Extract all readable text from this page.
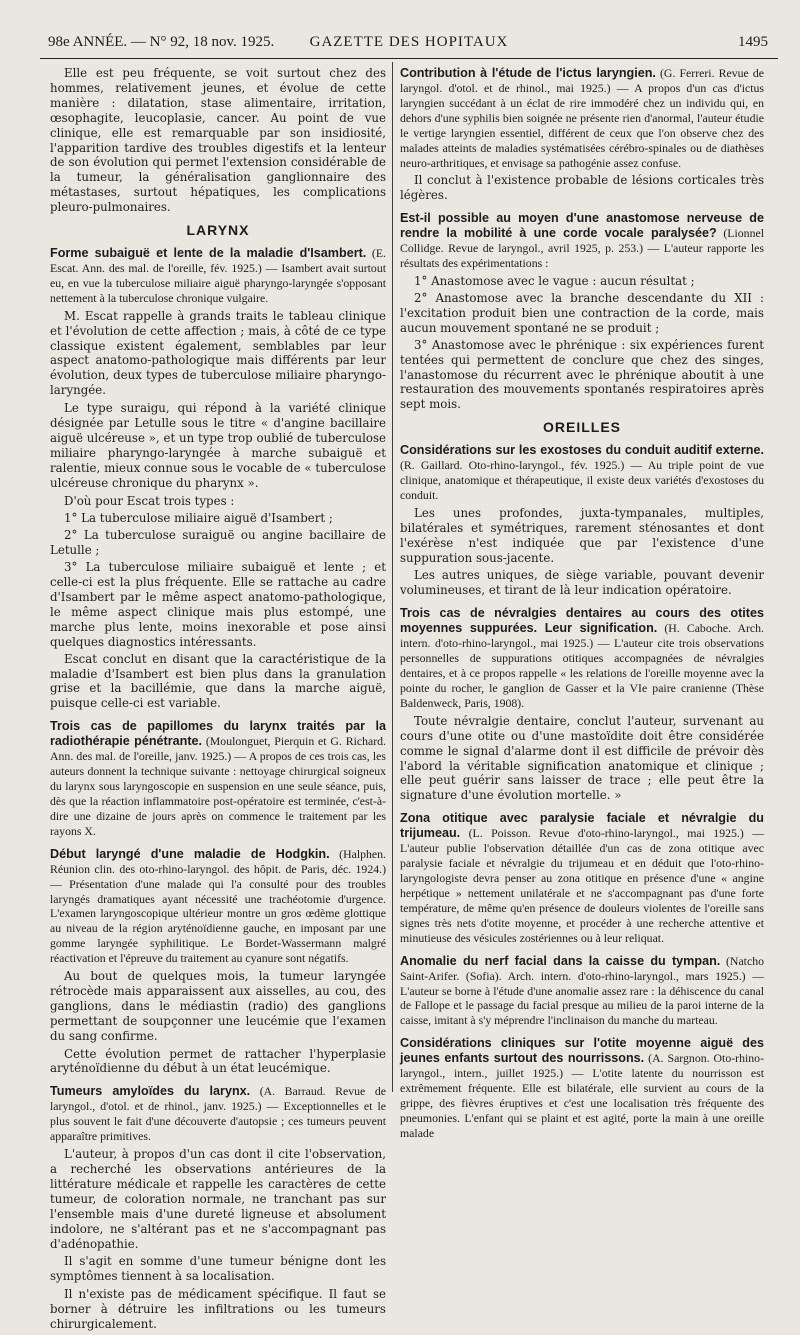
98e ANNÉE. — N° 92, 18 nov. 1925.	GAZETTE DES HOPITAUX	1495

Elle est peu fréquente, se voit surtout chez des hommes, relativement jeunes, et évolue de cette manière : dilatation, stase alimentaire, irritation, œsophagite, leucoplasie, cancer. Au point de vue clinique, elle est remarquable par son insidiosité, l'apparition tardive des troubles digestifs et la lenteur de son évolution qui permet l'extension considérable de la tumeur, la généralisation ganglionnaire des métastases, surtout hépatiques, les complications pleuro-pulmonaires.

LARYNX

Forme subaiguë et lente de la maladie d'Isambert. (E. Escat. Ann. des mal. de l'oreille, fév. 1925.) — Isambert avait surtout eu, en vue la tuberculose miliaire aiguë pharyngo-laryngée s'opposant nettement à la tuberculose chronique vulgaire.

M. Escat rappelle à grands traits le tableau clinique et l'évolution de cette affection ; mais, à côté de ce type classique existent également, semblables par leur aspect anatomo-pathologique mais différents par leur évolution, deux types de tuberculose miliaire pharyngo-laryngée.

Le type suraigu, qui répond à la variété clinique désignée par Letulle sous le titre « d'angine bacillaire aiguë ulcéreuse », et un type trop oublié de tuberculose miliaire pharyngo-laryngée à marche subaiguë et ralentie, mieux connue sous le vocable de « tuberculose ulcéreuse chronique du pharynx ».

D'où pour Escat trois types :

1° La tuberculose miliaire aiguë d'Isambert ;

2° La tuberculose suraiguë ou angine bacillaire de Letulle ;

3° La tuberculose miliaire subaiguë et lente ; et celle-ci est la plus fréquente. Elle se rattache au cadre d'Isambert par le même aspect anatomo-pathologique, le même aspect clinique mais plus estompé, une marche plus lente, moins inexorable et pose ainsi quelques diagnostics intéressants.

Escat conclut en disant que la caractéristique de la maladie d'Isambert est bien plus dans la granulation grise et la bacillémie, que dans la marche aiguë, puisque celle-ci est variable.

Trois cas de papillomes du larynx traités par la radiothérapie pénétrante. (Moulonguet, Pierquin et G. Richard. Ann. des mal. de l'oreille, janv. 1925.) — A propos de ces trois cas, les auteurs donnent la technique suivante : nettoyage chirurgical soigneux du larynx sous laryngoscopie en suspension en une seule séance, puis, dès que la réaction inflammatoire post-opératoire est terminée, c'est-à-dire une dizaine de jours après on commence le traitement par les rayons X.

Début laryngé d'une maladie de Hodgkin. (Halphen. Réunion clin. des oto-rhino-laryngol. des hôpit. de Paris, déc. 1924.) — Présentation d'une malade qui l'a consulté pour des troubles laryngés dramatiques ayant nécessité une trachéotomie d'urgence. L'examen laryngoscopique ultérieur montre un gros œdème glottique au niveau de la région aryténoïdienne gauche, en imposant par une gomme laryngée syphilitique. Le Bordet-Wassermann malgré réactivation et l'épreuve du traitement au cyanure sont négatifs.

Au bout de quelques mois, la tumeur laryngée rétrocède mais apparaissent aux aisselles, au cou, des ganglions, dans le médiastin (radio) des ganglions permettant de soupçonner une leucémie que l'examen du sang confirme.

Cette évolution permet de rattacher l'hyperplasie aryténoïdienne du début à un état leucémique.

Tumeurs amyloïdes du larynx. (A. Barraud. Revue de laryngol., d'otol. et de rhinol., janv. 1925.) — Exceptionnelles et le plus souvent le fait d'une découverte d'autopsie ; ces tumeurs peuvent apparaître primitives.

L'auteur, à propos d'un cas dont il cite l'observation, a recherché les observations antérieures de la littérature médicale et rappelle les caractères de cette tumeur, de coloration normale, ne tranchant pas sur l'ensemble mais d'une dureté ligneuse et absolument indolore, ne s'altérant pas et ne s'accompagnant pas d'adénopathie.

Il s'agit en somme d'une tumeur bénigne dont les symptômes tiennent à sa localisation.

Il n'existe pas de médicament spécifique. Il faut se borner à détruire les infiltrations ou les tumeurs chirurgicalement.

Contribution à l'étude de l'ictus laryngien. (G. Ferreri. Revue de laryngol. d'otol. et de rhinol., mai 1925.) — A propos d'un cas d'ictus laryngien succédant à un éclat de rire immodéré chez un individu qui, en dehors d'une syphilis bien soignée ne présente rien d'anormal, l'auteur étudie le vertige laryngien essentiel, différent de ceux que l'on observe chez des malades atteints de maladies systématisées cérébro-spinales ou de diathèses neuro-arthritiques, et envisage sa pathogénie assez confuse.

Il conclut à l'existence probable de lésions corticales très légères.

Est-il possible au moyen d'une anastomose nerveuse de rendre la mobilité à une corde vocale paralysée? (Lionnel Collidge. Revue de laryngol., avril 1925, p. 253.) — L'auteur rapporte les résultats des expérimentations :

1° Anastomose avec le vague : aucun résultat ;

2° Anastomose avec la branche descendante du XII : l'excitation produit bien une contraction de la corde, mais aucun mouvement spontané ne se produit ;

3° Anastomose avec le phrénique : six expériences furent tentées qui permettent de conclure que chez des singes, l'anastomose du récurrent avec le phrénique aboutit à une restauration des mouvements spontanés respiratoires après sept mois.

OREILLES

Considérations sur les exostoses du conduit auditif externe. (R. Gaillard. Oto-rhino-laryngol., fév. 1925.) — Au triple point de vue clinique, anatomique et thérapeutique, il existe deux variétés d'exostoses du conduit.

Les unes profondes, juxta-tympanales, multiples, bilatérales et symétriques, rarement sténosantes et dont l'exérèse n'est indiquée que par l'existence d'une suppuration sous-jacente.

Les autres uniques, de siège variable, pouvant devenir volumineuses, et tirant de là leur indication opératoire.

Trois cas de névralgies dentaires au cours des otites moyennes suppurées. Leur signification. (H. Caboche. Arch. intern. d'oto-rhino-laryngol., mai 1925.) — L'auteur cite trois observations personnelles de suppurations otitiques accompagnées de névralgies dentaires, et à ce propos rappelle « les relations de l'oreille moyenne avec la pointe du rocher, le ganglion de Gasser et la VIe paire cranienne (Thèse Baldenweck, Paris, 1908).

Toute névralgie dentaire, conclut l'auteur, survenant au cours d'une otite ou d'une mastoïdite doit être considérée comme le signal d'alarme dont il est difficile de prévoir dès l'abord la véritable signification anatomique et clinique ; elle peut guérir sans laisser de trace ; elle peut être la signature d'une évolution mortelle. »

Zona otitique avec paralysie faciale et névralgie du trijumeau. (L. Poisson. Revue d'oto-rhino-laryngol., mai 1925.) — L'auteur publie l'observation détaillée d'un cas de zona otitique avec paralysie faciale et névralgie du trijumeau et en déduit que l'oto-rhino-laryngologiste devra penser au zona otitique en présence d'une « angine herpétique » nettement unilatérale et ne s'accompagnant pas d'une forte température, de même qu'en présence de douleurs violentes de l'oreille sans signes très nets d'otite moyenne, et procéder à une recherche attentive et minutieuse des vésicules zostériennes ou à leur reliquat.

Anomalie du nerf facial dans la caisse du tympan. (Natcho Saint-Arifer. (Sofia). Arch. intern. d'oto-rhino-laryngol., mars 1925.) — L'auteur se borne à l'étude d'une anomalie assez rare : la déhiscence du canal de Fallope et le passage du facial presque au milieu de la paroi interne de la caisse, imitant à s'y méprendre l'inclinaison du manche du marteau.

Considérations cliniques sur l'otite moyenne aiguë des jeunes enfants surtout des nourrissons. (A. Sargnon. Oto-rhino-laryngol., intern., juillet 1925.) — L'otite latente du nourrisson est extrêmement fréquente. Elle est bilatérale, elle survient au cours de la grippe, des fièvres éruptives et c'est une localisation très fréquente des pneumonies. L'enfant qui se plaint et est agité, porte la main à une oreille malade
